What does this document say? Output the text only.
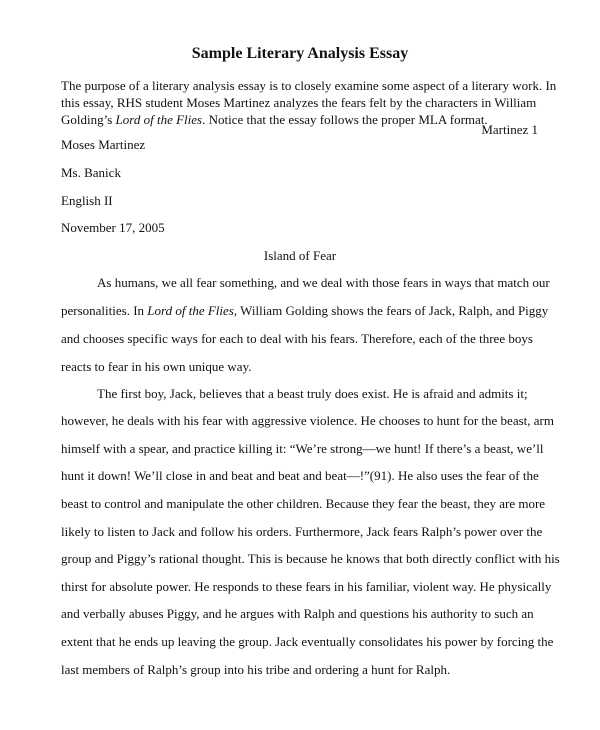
Sample Literary Analysis Essay
The purpose of a literary analysis essay is to closely examine some aspect of a literary work. In
this essay, RHS student Moses Martinez analyzes the fears felt by the characters in William
Golding’s Lord of the Flies. Notice that the essay follows the proper MLA format.
Martinez 1
Moses Martinez
Ms. Banick
English II
November 17, 2005
Island of Fear
As humans, we all fear something, and we deal with those fears in ways that match our
personalities. In Lord of the Flies, William Golding shows the fears of Jack, Ralph, and Piggy
and chooses specific ways for each to deal with his fears. Therefore, each of the three boys
reacts to fear in his own unique way.
The first boy, Jack, believes that a beast truly does exist. He is afraid and admits it;
however, he deals with his fear with aggressive violence. He chooses to hunt for the beast, arm
himself with a spear, and practice killing it: “We’re strong—we hunt! If there’s a beast, we’ll
hunt it down! We’ll close in and beat and beat and beat—!”(91). He also uses the fear of the
beast to control and manipulate the other children. Because they fear the beast, they are more
likely to listen to Jack and follow his orders. Furthermore, Jack fears Ralph’s power over the
group and Piggy’s rational thought. This is because he knows that both directly conflict with his
thirst for absolute power. He responds to these fears in his familiar, violent way. He physically
and verbally abuses Piggy, and he argues with Ralph and questions his authority to such an
extent that he ends up leaving the group. Jack eventually consolidates his power by forcing the
last members of Ralph’s group into his tribe and ordering a hunt for Ralph.
